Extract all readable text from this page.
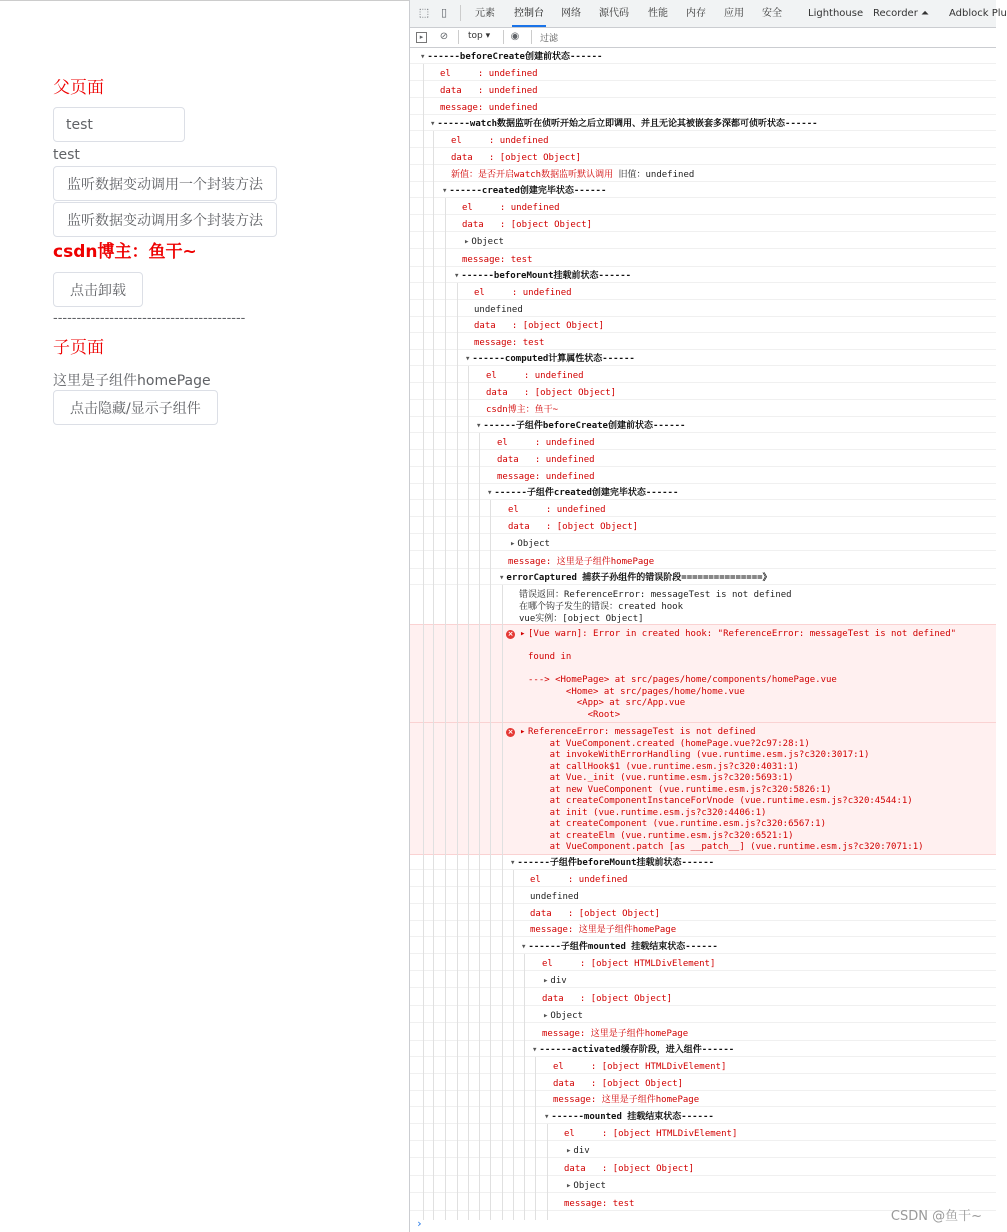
父页面
test
test
监听数据变动调用一个封装方法
监听数据变动调用多个封装方法
csdn博主：鱼干~
点击卸载
-----------------------------------------
子页面
这里是子组件homePage
点击隐藏/显示子组件
⬚ ▯	元素 控制台 网络 源代码 性能 内存 应用 安全	Lighthouse Recorder ⏶ Adblock Plu
▸	⊘ top ▾ ◉ 过滤
▾ ------beforeCreate创建前状态------
el     : undefined
data   : undefined
message: undefined
▾ ------watch数据监听在侦听开始之后立即调用、并且无论其被嵌套多深都可侦听状态------
el     : undefined
data   : [object Object]
新值：是否开启watch数据监听默认调用 旧值：undefined
▾ ------created创建完毕状态------
el     : undefined
data   : [object Object]
▸ Object
message: test
▾ ------beforeMount挂载前状态------
el     : undefined
undefined
data   : [object Object]
message: test
▾ ------computed计算属性状态------
el     : undefined
data   : [object Object]
csdn博主：鱼干~
▾ ------子组件beforeCreate创建前状态------
el     : undefined
data   : undefined
message: undefined
▾ ------子组件created创建完毕状态------
el     : undefined
data   : [object Object]
▸ Object
message: 这里是子组件homePage
▾ errorCaptured 捕获子孙组件的错误阶段===============》
错误返回：ReferenceError: messageTest is not defined
在哪个钩子发生的错误：created hook
vue实例：[object Object]
▾ ------子组件beforeMount挂载前状态------
el     : undefined
undefined
data   : [object Object]
message: 这里是子组件homePage
▾ ------子组件mounted 挂载结束状态------
el     : [object HTMLDivElement]
▸ div
data   : [object Object]
▸ Object
message: 这里是子组件homePage
▾ ------activated缓存阶段，进入组件------
el     : [object HTMLDivElement]
data   : [object Object]
message: 这里是子组件homePage
▾ ------mounted 挂载结束状态------
el     : [object HTMLDivElement]
▸ div
data   : [object Object]
▸ Object
message: test
× ▸ [Vue warn]: Error in created hook: "ReferenceError: messageTest is not defined"

found in

---> <HomePage> at src/pages/home/components/homePage.vue
<Home> at src/pages/home/home.vue
<App> at src/App.vue
<Root>
× ▸ ReferenceError: messageTest is not defined
at VueComponent.created (homePage.vue?2c97:28:1)
at invokeWithErrorHandling (vue.runtime.esm.js?c320:3017:1)
at callHook$1 (vue.runtime.esm.js?c320:4031:1)
at Vue._init (vue.runtime.esm.js?c320:5693:1)
at new VueComponent (vue.runtime.esm.js?c320:5826:1)
at createComponentInstanceForVnode (vue.runtime.esm.js?c320:4544:1)
at init (vue.runtime.esm.js?c320:4406:1)
at createComponent (vue.runtime.esm.js?c320:6567:1)
at createElm (vue.runtime.esm.js?c320:6521:1)
at VueComponent.patch [as __patch__] (vue.runtime.esm.js?c320:7071:1)
›	CSDN @鱼干~
